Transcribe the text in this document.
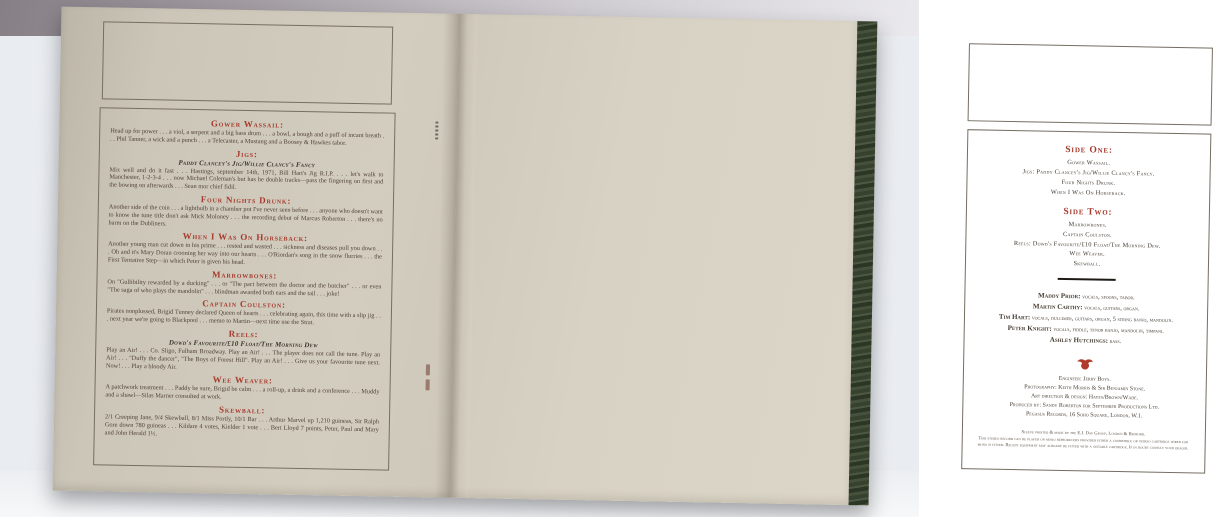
Gower Wassail:

Head up for power . . . a viol, a serpent and a big bass drum . . . a bowl, a bough and a puff of incant breath . . . Phil Tanner, a wick and a punch . . . a Telecaster, a Mustang and a Boosey & Hawkes tabor.

Jigs:
Paddy Clancey's Jig/Willie Clancy's Fancy

Mix well and do it fast . . . Hastings, september 14th, 1971, Bill Hart's Jig R.I.P. . . . let's walk to Manchester, 1-2-3-4 . . . now Michael Coleman's but has he double tracks—pass the fingering on first and the bowing on afterwards . . . Sean mor chief fidil.

Four Nights Drunk:

Another side of the coin . . . a lightbulb in a chamber pot I've never seen before . . . anyone who doesn't want to know the tune title don't ask Mick Moloney . . . the recording debut of Marcus Roberton . . . there's no harm on the Dubliners.

When I Was On Horseback:

Another young man cut down in his prime . . . rested and wasted . . . sickness and diseases pull you down . . . Oh and it's Mary Doran crooning her way into our hearts . . . O'Riordan's song in the snow flurries . . . the First Tentative Step—in which Peter is given his head.

Marrowbones:

On "Gullibility rewarded by a ducking" . . . or "The pact between the doctor and the butcher" . . . or even "The saga of who plays the mandolin" . . . blindman awarded both ears and the tail . . . joke!

Captain Coulston:

Pirates nonplussed, Brigid Tunney declared Queen of hearts . . . celebrating again, this time with a slip jig . . . next year we're going to Blackpool . . . memo to Martin—next time use the Strat.

Reels:
Dowd's Favourite/£10 Float/The Morning Dew

Play an Air! . . . Co. Sligo, Fulham Broadway. Play an Air! . . . The player does not call the tune. Play an Air! . . . "Duffy the dancer", "The Boys of Forest Hill". Play an Air! . . . Give us your favourite tune next. Now! . . . Play a bloody Air.

Wee Weaver:

A patchwork treatment . . . Paddy be sure, Brigid be calm . . . a roll-up, a drink and a conference . . . Muddy and a shawl—Silas Marner consulted at work.

Skewball:

2/1 Creeping Jane, 9/4 Skewball, 8/1 Miss Portly, 10/1 Bar . . . Arthur Marvel up 1,210 guineas, Sir Ralph Gore down 780 guineas . . . Kildare 4 votes, Kielder 1 vote . . . Bert Lloyd 7 points, Peter, Paul and Mary and John Herald 1½.

Side One:
Gower Wassail.
Jigs: Paddy Clancey's Jig/Willie Clancy's Fancy.
Four Nights Drunk.
When I Was On Horseback.
Side Two:
Marrowbones.
Captain Coulston.
Reels: Dowd's Favourite/£10 Float/The Morning Dew.
Wee Weaver.
Skewball.
Maddy Prior: vocals, spoons, tabor.
Martin Carthy: vocals, guitars, organ.
Tim Hart: vocals, dulcimer, guitars, organ, 5 string banjo, mandolin.
Peter Knight: vocals, fiddle, tenor banjo, mandolin, timpani.
Ashley Hutchings: bass.
Engineer: Jerry Boys.
Photography: Keith Morris & Sir Benjamin Stone.
Art direction & design: Hayes/Brown/Wade.
Produced by: Sandy Roberton for September Productions Ltd.
Pegasus Records, 16 Soho Square, London, W.1.
Sleeve printed & made by the E.J. Day Group, London & Bedford.
This stereo record can be played on mono reproducers provided either a compatible or stereo cartridge wired for mono is fitted. Recent equipment may already be fitted with a suitable cartridge. If in doubt consult your dealer.
